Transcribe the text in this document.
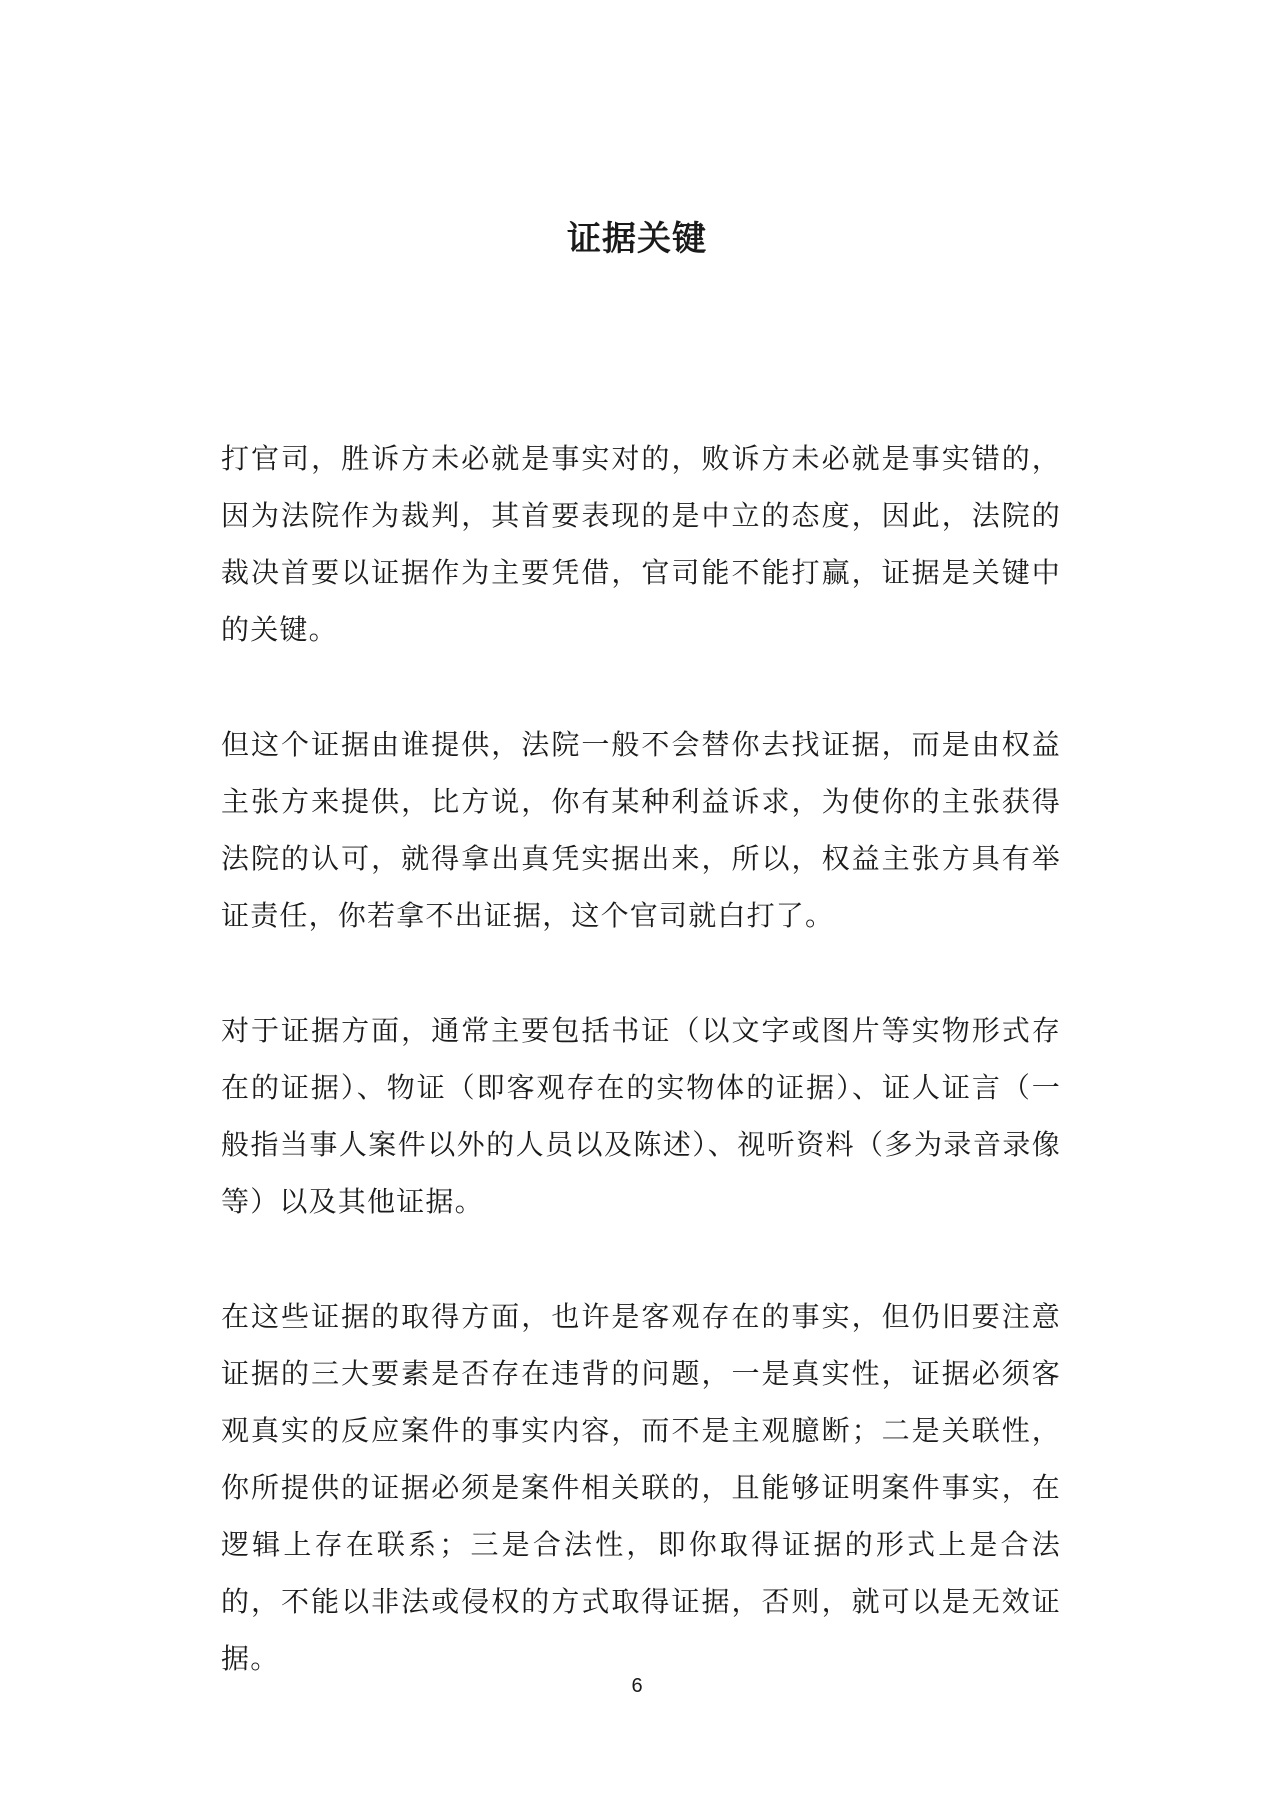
证据关键

打官司，胜诉方未必就是事实对的，败诉方未必就是事实错的，因为法院作为裁判，其首要表现的是中立的态度，因此，法院的裁决首要以证据作为主要凭借，官司能不能打赢，证据是关键中的关键。

但这个证据由谁提供，法院一般不会替你去找证据，而是由权益主张方来提供，比方说，你有某种利益诉求，为使你的主张获得法院的认可，就得拿出真凭实据出来，所以，权益主张方具有举证责任，你若拿不出证据，这个官司就白打了。

对于证据方面，通常主要包括书证（以文字或图片等实物形式存在的证据）、物证（即客观存在的实物体的证据）、证人证言（一般指当事人案件以外的人员以及陈述）、视听资料（多为录音录像等）以及其他证据。

在这些证据的取得方面，也许是客观存在的事实，但仍旧要注意证据的三大要素是否存在违背的问题，一是真实性，证据必须客观真实的反应案件的事实内容，而不是主观臆断；二是关联性，你所提供的证据必须是案件相关联的，且能够证明案件事实，在逻辑上存在联系；三是合法性，即你取得证据的形式上是合法的，不能以非法或侵权的方式取得证据，否则，就可以是无效证据。

6
